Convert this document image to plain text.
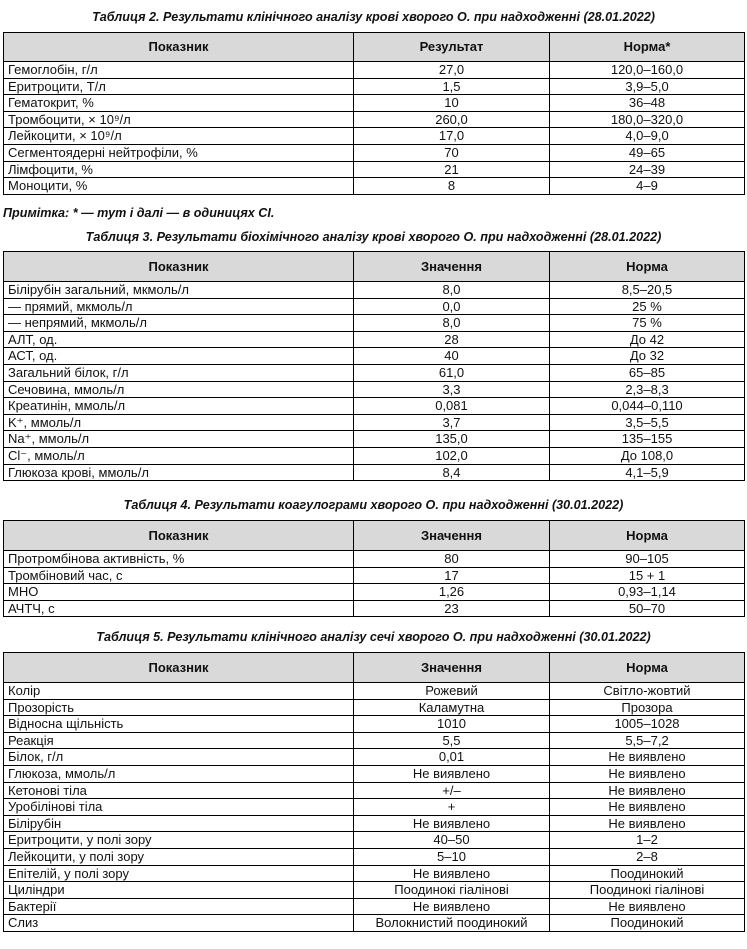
Таблиця 2. Результати клінічного аналізу крові хворого О. при надходженні (28.01.2022)
Показник	Результат	Норма*
Гемоглобін, г/л	27,0	120,0–160,0
Еритроцити, Т/л	1,5	3,9–5,0
Гематокрит, %	10	36–48
Тромбоцити, × 10⁹/л	260,0	180,0–320,0
Лейкоцити, × 10⁹/л	17,0	4,0–9,0
Сегментоядерні нейтрофіли, %	70	49–65
Лімфоцити, %	21	24–39
Моноцити, %	8	4–9
Примітка: * — тут і далі — в одиницях СІ.
Таблиця 3. Результати біохімічного аналізу крові хворого О. при надходженні (28.01.2022)
Показник	Значення	Норма
Білірубін загальний, мкмоль/л	8,0	8,5–20,5
— прямий, мкмоль/л	0,0	25 %
— непрямий, мкмоль/л	8,0	75 %
АЛТ, од.	28	До 42
АСТ, од.	40	До 32
Загальний білок, г/л	61,0	65–85
Сечовина, ммоль/л	3,3	2,3–8,3
Креатинін, ммоль/л	0,081	0,044–0,110
K⁺, ммоль/л	3,7	3,5–5,5
Na⁺, ммоль/л	135,0	135–155
Cl⁻, ммоль/л	102,0	До 108,0
Глюкоза крові, ммоль/л	8,4	4,1–5,9
Таблиця 4. Результати коагулограми хворого О. при надходженні (30.01.2022)
Показник	Значення	Норма
Протромбінова активність, %	80	90–105
Тромбіновий час, с	17	15 + 1
МНО	1,26	0,93–1,14
АЧТЧ, с	23	50–70
Таблиця 5. Результати клінічного аналізу сечі хворого О. при надходженні (30.01.2022)
Показник	Значення	Норма
Колір	Рожевий	Світло-жовтий
Прозорість	Каламутна	Прозора
Відносна щільність	1010	1005–1028
Реакція	5,5	5,5–7,2
Білок, г/л	0,01	Не виявлено
Глюкоза, ммоль/л	Не виявлено	Не виявлено
Кетонові тіла	+/–	Не виявлено
Уробілінові тіла	+	Не виявлено
Білірубін	Не виявлено	Не виявлено
Еритроцити, у полі зору	40–50	1–2
Лейкоцити, у полі зору	5–10	2–8
Епітелій, у полі зору	Не виявлено	Поодинокий
Циліндри	Поодинокі гіалінові	Поодинокі гіалінові
Бактерії	Не виявлено	Не виявлено
Слиз	Волокнистий поодинокий	Поодинокий
